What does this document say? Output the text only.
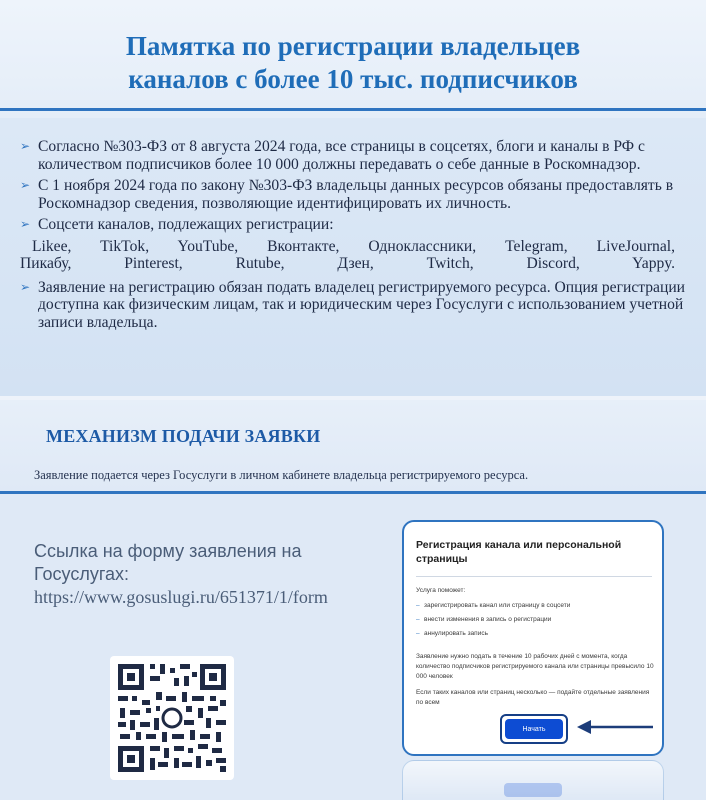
Памятка по регистрации владельцев
каналов с более 10 тыс. подписчиков
➢ Согласно №303-ФЗ от 8 августа 2024 года, все страницы в соцсетях, блоги и каналы в РФ с количеством подписчиков более 10 000 должны передавать о себе данные в Роскомнадзор.
➢ С 1 ноября 2024 года по закону №303-ФЗ владельцы данных ресурсов обязаны предоставлять в Роскомнадзор сведения, позволяющие идентифицировать их личность.
➢ Соцсети каналов, подлежащих регистрации:
Likee, TikTok, YouTube, Вконтакте, Одноклассники, Telegram, LiveJournal,
Пикабу, Pinterest, Rutube, Дзен, Twitch, Discord, Yappy.
➢ Заявление на регистрацию обязан подать владелец регистрируемого ресурса. Опция регистрации доступна как физическим лицам, так и юридическим через Госуслуги с использованием учетной записи владельца.
МЕХАНИЗМ ПОДАЧИ ЗАЯВКИ
Заявление подается через Госуслуги в личном кабинете владельца регистрируемого ресурса.
Ссылка на форму заявления на Госуслугах:
https://www.gosuslugi.ru/651371/1/form
Регистрация канала или персональной страницы
Услуга поможет:
– зарегистрировать канал или страницу в соцсети
– внести изменения в запись о регистрации
– аннулировать запись
Заявление нужно подать в течение 10 рабочих дней с момента, когда количество подписчиков регистрируемого канала или страницы превысило 10 000 человек
Если таких каналов или страниц несколько — подайте отдельные заявления по всем
Начать
